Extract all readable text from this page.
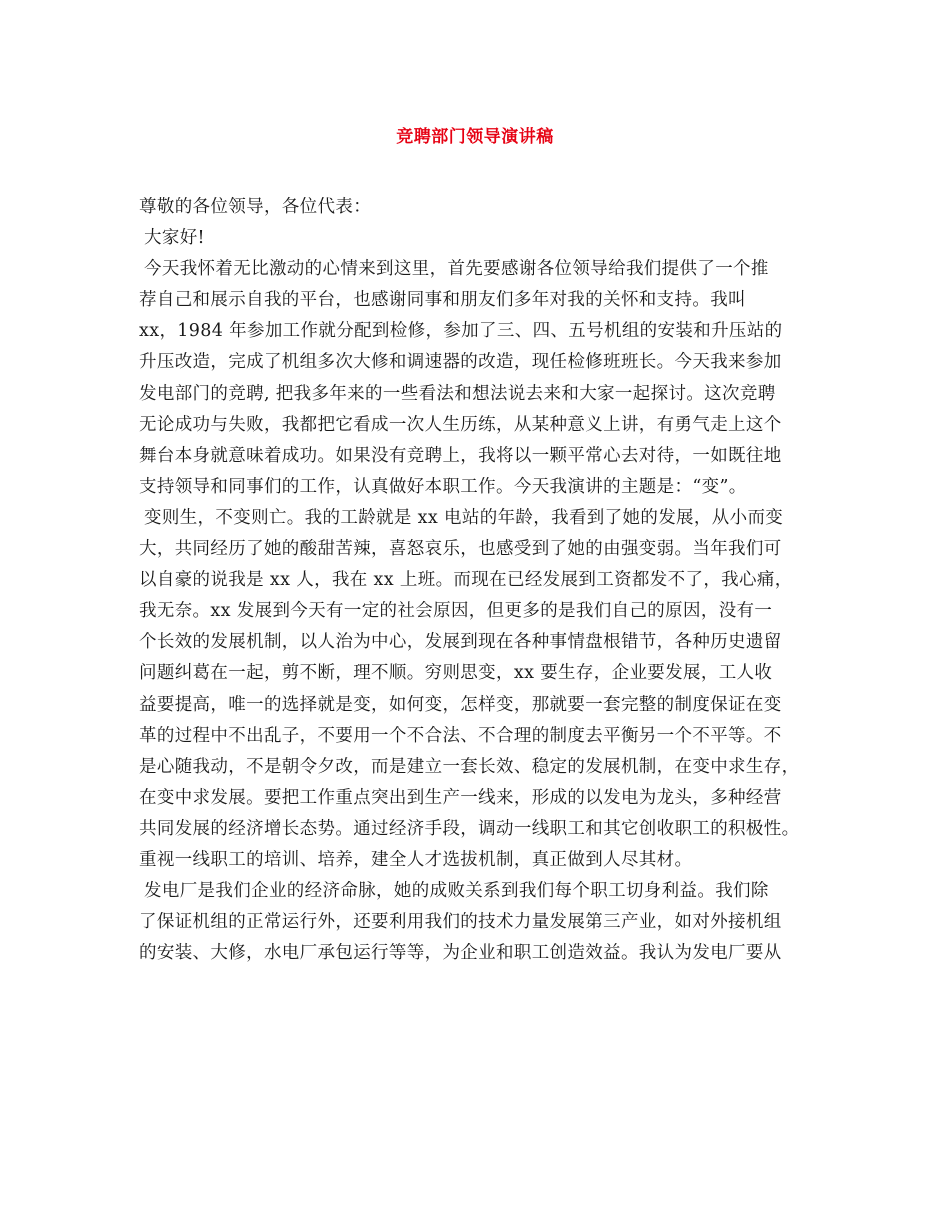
竞聘部门领导演讲稿
尊敬的各位领导，各位代表：
大家好!
今天我怀着无比激动的心情来到这里，首先要感谢各位领导给我们提供了一个推
荐自己和展示自我的平台，也感谢同事和朋友们多年对我的关怀和支持。我叫
xx，1984 年参加工作就分配到检修，参加了三、四、五号机组的安装和升压站的
升压改造，完成了机组多次大修和调速器的改造，现任检修班班长。今天我来参加
发电部门的竞聘, 把我多年来的一些看法和想法说去来和大家一起探讨。这次竞聘
无论成功与失败，我都把它看成一次人生历练，从某种意义上讲，有勇气走上这个
舞台本身就意味着成功。如果没有竞聘上，我将以一颗平常心去对待，一如既往地
支持领导和同事们的工作，认真做好本职工作。今天我演讲的主题是：“变”。
变则生，不变则亡。我的工龄就是 xx 电站的年龄，我看到了她的发展，从小而变
大，共同经历了她的酸甜苦辣，喜怒哀乐，也感受到了她的由强变弱。当年我们可
以自豪的说我是 xx 人，我在 xx 上班。而现在已经发展到工资都发不了，我心痛，
我无奈。xx 发展到今天有一定的社会原因，但更多的是我们自己的原因，没有一
个长效的发展机制，以人治为中心，发展到现在各种事情盘根错节，各种历史遗留
问题纠葛在一起，剪不断，理不顺。穷则思变，xx 要生存，企业要发展，工人收
益要提高，唯一的选择就是变，如何变，怎样变，那就要一套完整的制度保证在变
革的过程中不出乱子，不要用一个不合法、不合理的制度去平衡另一个不平等。不
是心随我动，不是朝令夕改，而是建立一套长效、稳定的发展机制，在变中求生存，
在变中求发展。要把工作重点突出到生产一线来，形成的以发电为龙头，多种经营
共同发展的经济增长态势。通过经济手段，调动一线职工和其它创收职工的积极性。
重视一线职工的培训、培养，建全人才选拔机制，真正做到人尽其材。
发电厂是我们企业的经济命脉，她的成败关系到我们每个职工切身利益。我们除
了保证机组的正常运行外，还要利用我们的技术力量发展第三产业，如对外接机组
的安装、大修，水电厂承包运行等等，为企业和职工创造效益。我认为发电厂要从
